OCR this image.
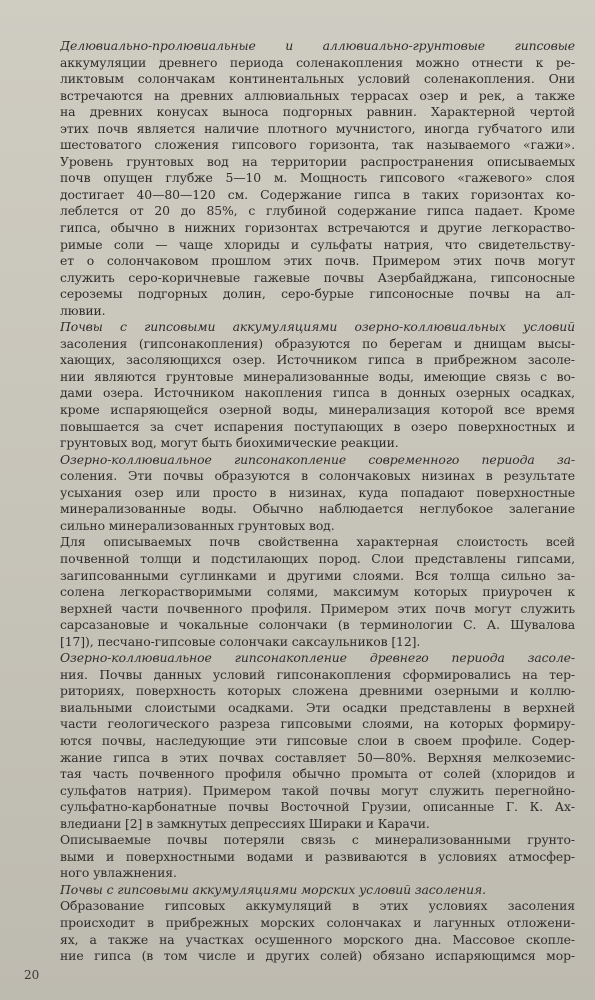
Делювиально-пролювиальные и аллювиально-грунтовые гипсовые
аккумуляции древнего периода соленакопления можно отнести к ре-
ликтовым солончакам континентальных условий соленакопления. Они
встречаются на древних аллювиальных террасах озер и рек, а также
на древних конусах выноса подгорных равнин. Характерной чертой
этих почв является наличие плотного мучнистого, иногда губчатого или
шестоватого сложения гипсового горизонта, так называемого «гажи».
Уровень грунтовых вод на территории распространения описываемых
почв опущен глубже 5—10 м. Мощность гипсового «гажевого» слоя
достигает 40—80—120 см. Содержание гипса в таких горизонтах ко-
леблется от 20 до 85%, с глубиной содержание гипса падает. Кроме
гипса, обычно в нижних горизонтах встречаются и другие легкораство-
римые соли — чаще хлориды и сульфаты натрия, что свидетельству-
ет о солончаковом прошлом этих почв. Примером этих почв могут
служить серо-коричневые гажевые почвы Азербайджана, гипсоносные
сероземы подгорных долин, серо-бурые гипсоносные почвы на ал-
лювии.
Почвы с гипсовыми аккумуляциями озерно-коллювиальных условий
засоления (гипсонакопления) образуются по берегам и днищам высы-
хающих, засоляющихся озер. Источником гипса в прибрежном засоле-
нии являются грунтовые минерализованные воды, имеющие связь с во-
дами озера. Источником накопления гипса в донных озерных осадках,
кроме испаряющейся озерной воды, минерализация которой все время
повышается за счет испарения поступающих в озеро поверхностных и
грунтовых вод, могут быть биохимические реакции.
Озерно-коллювиальное гипсонакопление современного периода за-
соления. Эти почвы образуются в солончаковых низинах в результате
усыхания озер или просто в низинах, куда попадают поверхностные
минерализованные воды. Обычно наблюдается неглубокое залегание
сильно минерализованных грунтовых вод.
Для описываемых почв свойственна характерная слоистость всей
почвенной толщи и подстилающих пород. Слои представлены гипсами,
загипсованными суглинками и другими слоями. Вся толща сильно за-
солена легкорастворимыми солями, максимум которых приурочен к
верхней части почвенного профиля. Примером этих почв могут служить
сарсазановые и чокальные солончаки (в терминологии С. А. Шувалова
[17]), песчано-гипсовые солончаки саксаульников [12].
Озерно-коллювиальное гипсонакопление древнего периода засоле-
ния. Почвы данных условий гипсонакопления сформировались на тер-
риториях, поверхность которых сложена древними озерными и коллю-
виальными слоистыми осадками. Эти осадки представлены в верхней
части геологического разреза гипсовыми слоями, на которых формиру-
ются почвы, наследующие эти гипсовые слои в своем профиле. Содер-
жание гипса в этих почвах составляет 50—80%. Верхняя мелкоземис-
тая часть почвенного профиля обычно промыта от солей (хлоридов и
сульфатов натрия). Примером такой почвы могут служить перегнойно-
сульфатно-карбонатные почвы Восточной Грузии, описанные Г. К. Ах-
вледиани [2] в замкнутых депрессиях Шираки и Карачи.
Описываемые почвы потеряли связь с минерализованными грунто-
выми и поверхностными водами и развиваются в условиях атмосфер-
ного увлажнения.
Почвы с гипсовыми аккумуляциями морских условий засоления.
Образование гипсовых аккумуляций в этих условиях засоления
происходит в прибрежных морских солончаках и лагунных отложени-
ях, а также на участках осушенного морского дна. Массовое скопле-
ние гипса (в том числе и других солей) обязано испаряющимся мор-
20
